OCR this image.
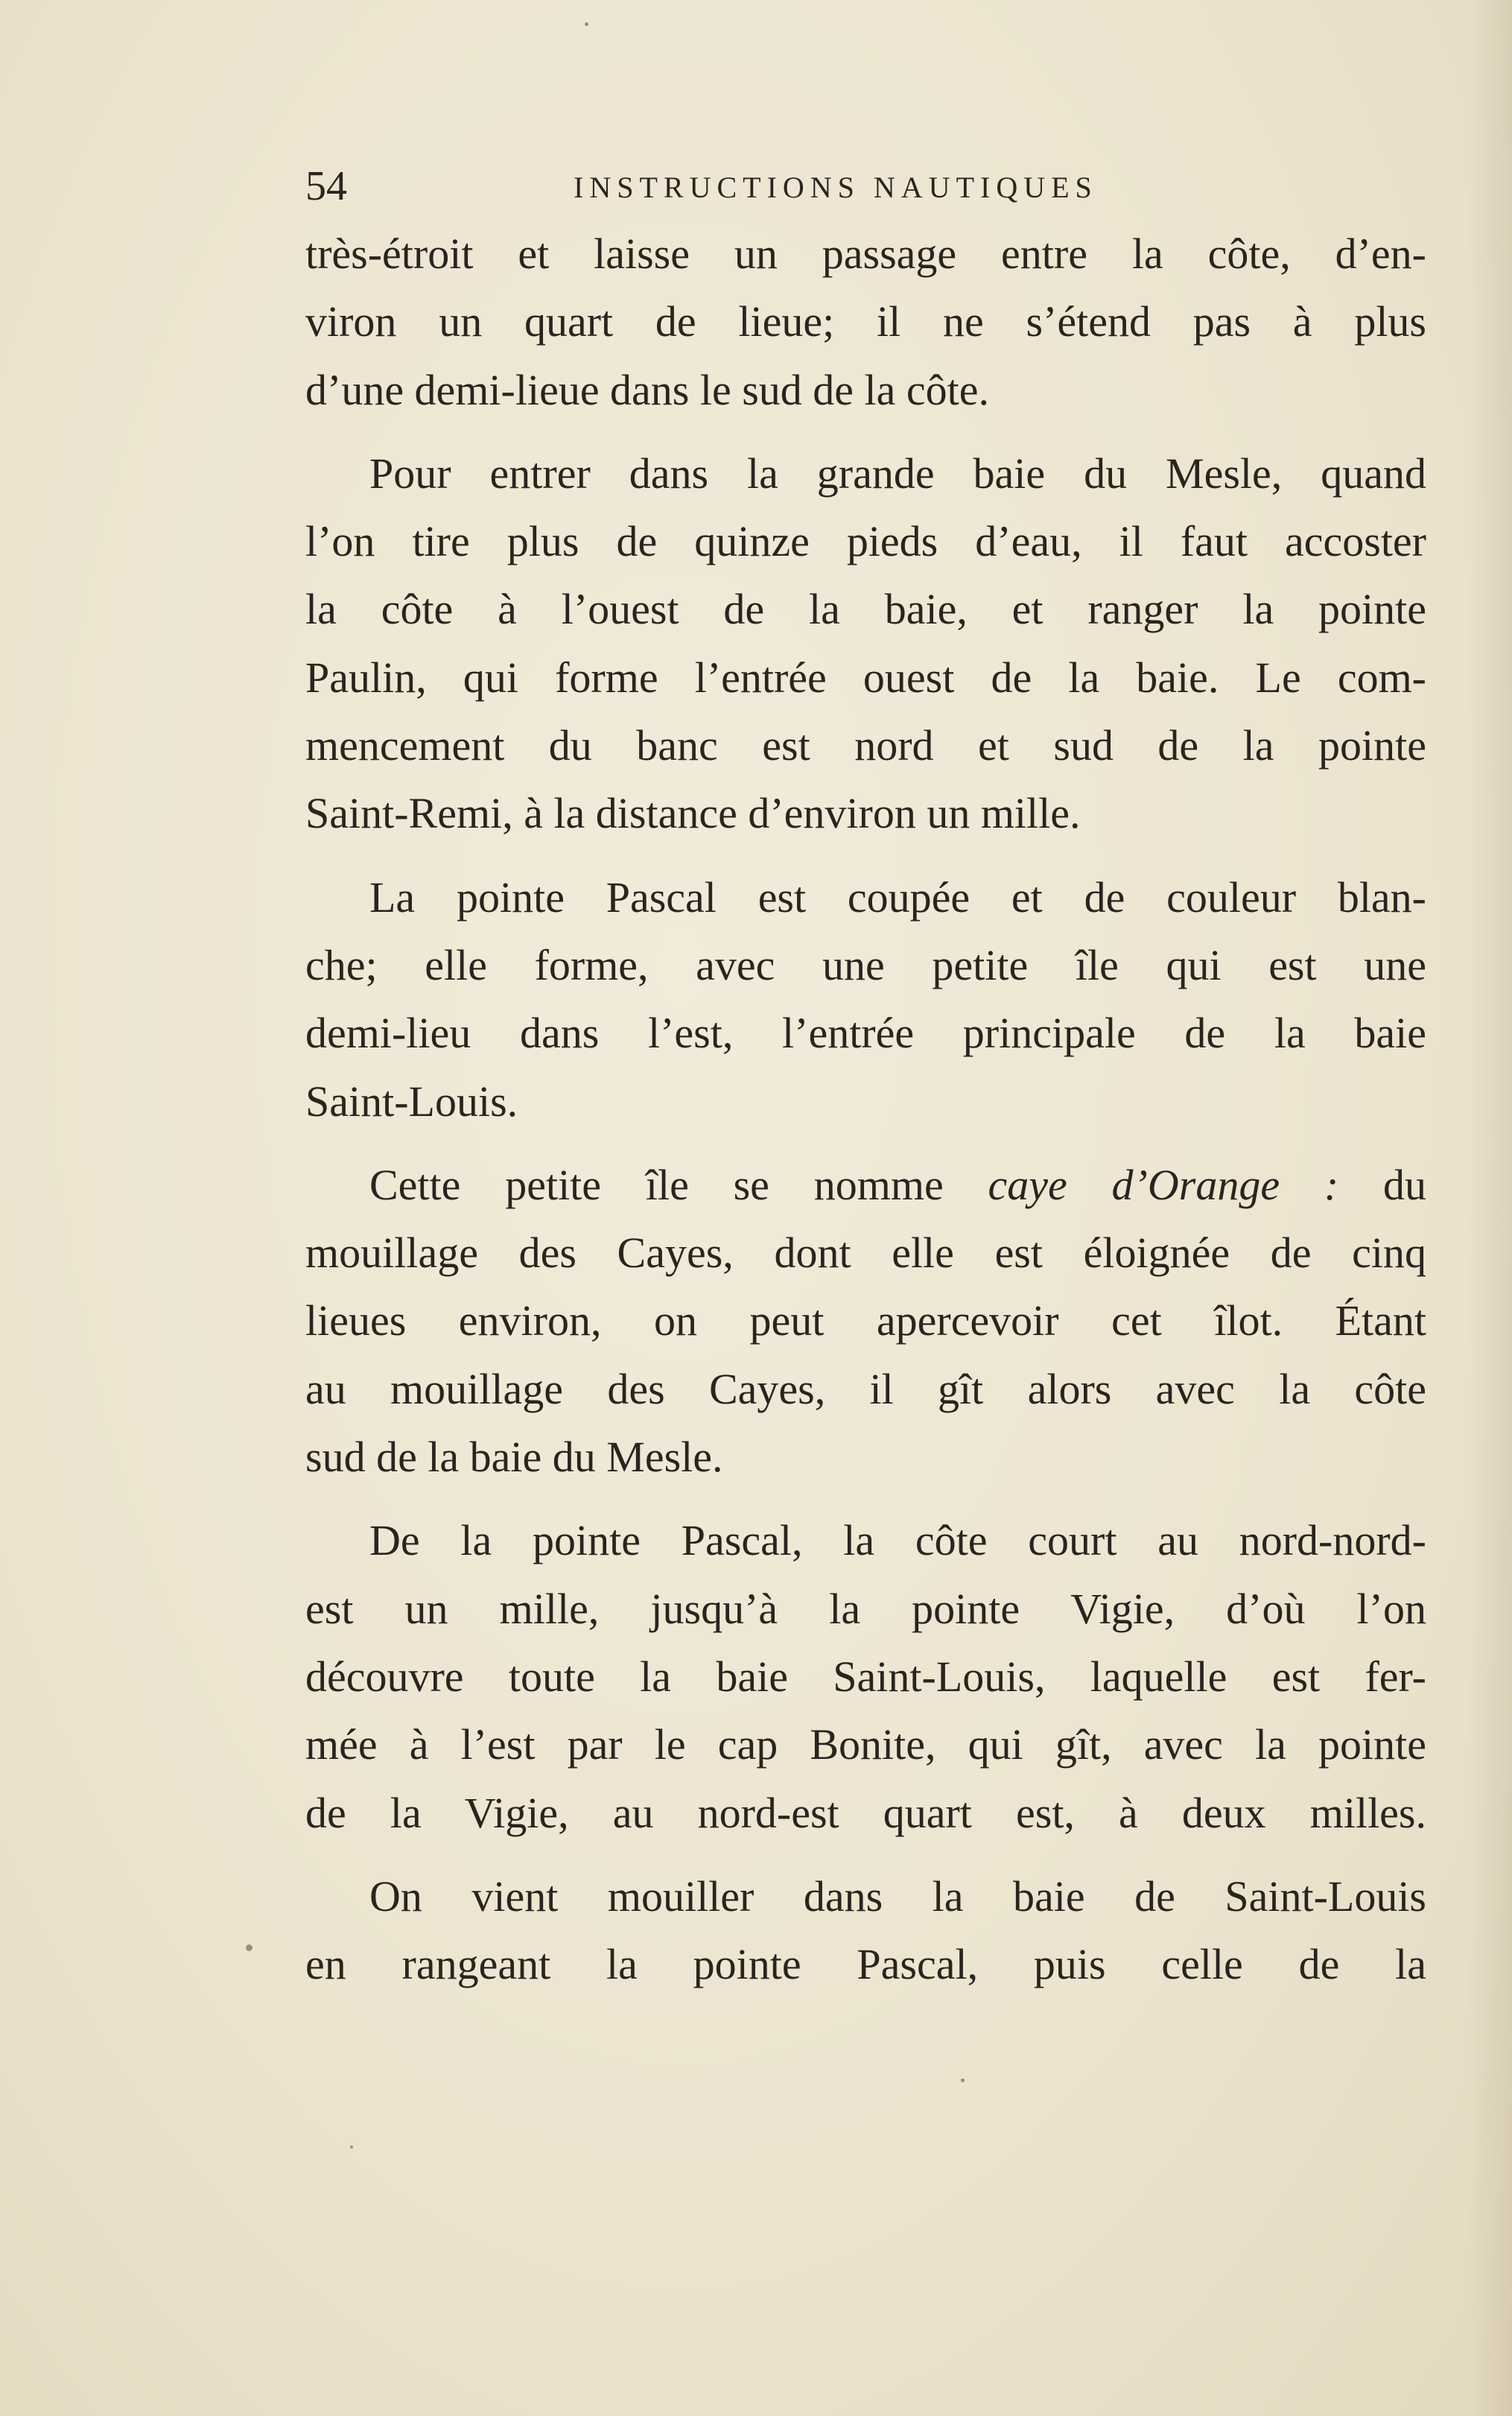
54	INSTRUCTIONS NAUTIQUES
très-étroit et laisse un passage entre la côte, d’en-
viron un quart de lieue; il ne s’étend pas à plus
d’une demi-lieue dans le sud de la côte.
Pour entrer dans la grande baie du Mesle, quand
l’on tire plus de quinze pieds d’eau, il faut accoster
la côte à l’ouest de la baie, et ranger la pointe
Paulin, qui forme l’entrée ouest de la baie. Le com-
mencement du banc est nord et sud de la pointe
Saint-Remi, à la distance d’environ un mille.
La pointe Pascal est coupée et de couleur blan-
che; elle forme, avec une petite île qui est une
demi-lieu dans l’est, l’entrée principale de la baie
Saint-Louis.
Cette petite île se nomme caye d’Orange : du
mouillage des Cayes, dont elle est éloignée de cinq
lieues environ, on peut apercevoir cet îlot. Étant
au mouillage des Cayes, il gît alors avec la côte
sud de la baie du Mesle.
De la pointe Pascal, la côte court au nord-nord-
est un mille, jusqu’à la pointe Vigie, d’où l’on
découvre toute la baie Saint-Louis, laquelle est fer-
mée à l’est par le cap Bonite, qui gît, avec la pointe
de la Vigie, au nord-est quart est, à deux milles.
On vient mouiller dans la baie de Saint-Louis
en rangeant la pointe Pascal, puis celle de la
